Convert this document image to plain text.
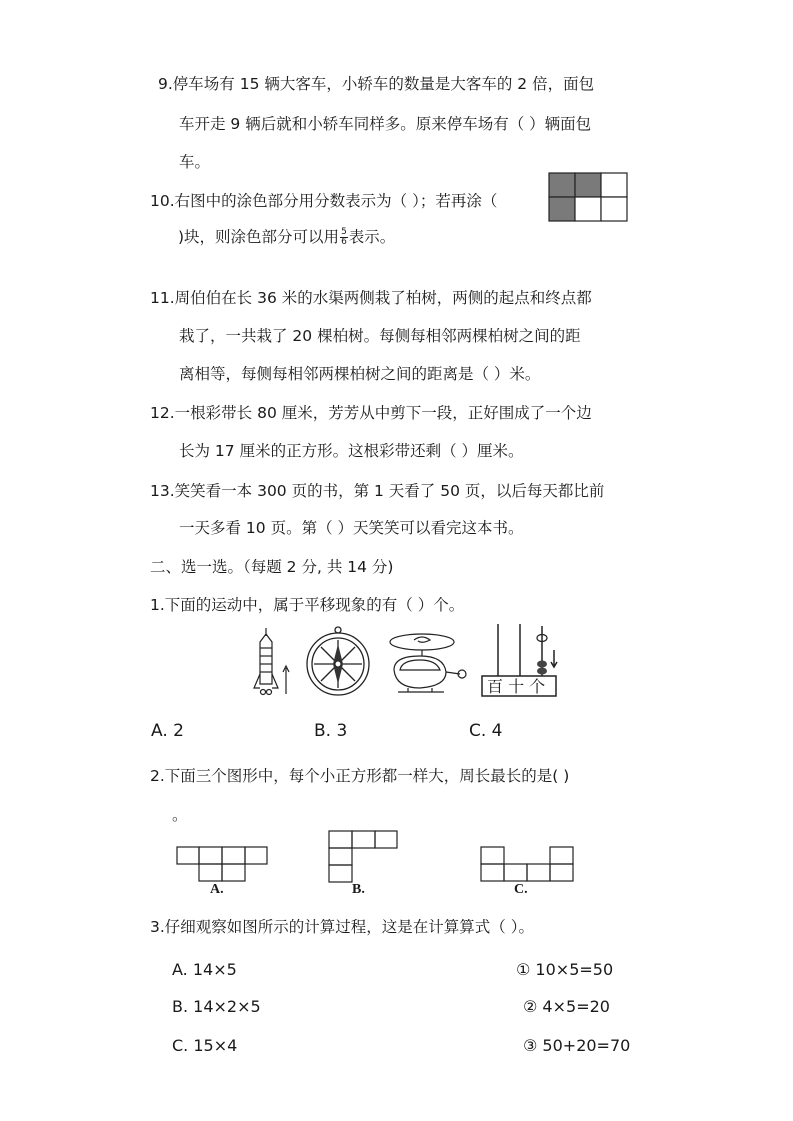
9.停车场有 15 辆大客车，小轿车的数量是大客车的 2 倍，面包
车开走 9 辆后就和小轿车同样多。原来停车场有（ ）辆面包
车。
10.右图中的涂色部分用分数表示为（ ）；若再涂（
)块，则涂色部分可以用 $\frac{5}{6}$ 表示。
11.周伯伯在长 36 米的水渠两侧栽了柏树，两侧的起点和终点都
栽了，一共栽了 20 棵柏树。每侧每相邻两棵柏树之间的距
离相等，每侧每相邻两棵柏树之间的距离是（ ）米。
12.一根彩带长 80 厘米，芳芳从中剪下一段，正好围成了一个边
长为 17 厘米的正方形。这根彩带还剩（ ）厘米。
13.笑笑看一本 300 页的书，第 1 天看了 50 页，以后每天都比前
一天多看 10 页。第（ ）天笑笑可以看完这本书。
二、选一选。（每题 2 分, 共 14 分)
1.下面的运动中，属于平移现象的有（ ）个。
百 十 个
A. 2	B. 3	C. 4
2.下面三个图形中，每个小正方形都一样大，周长最长的是( )
。
A.	B.	C.
3.仔细观察如图所示的计算过程，这是在计算算式（ ）。
A. 14×5
B. 14×2×5
C. 15×4
① 10×5=50
② 4×5=20
③ 50+20=70
